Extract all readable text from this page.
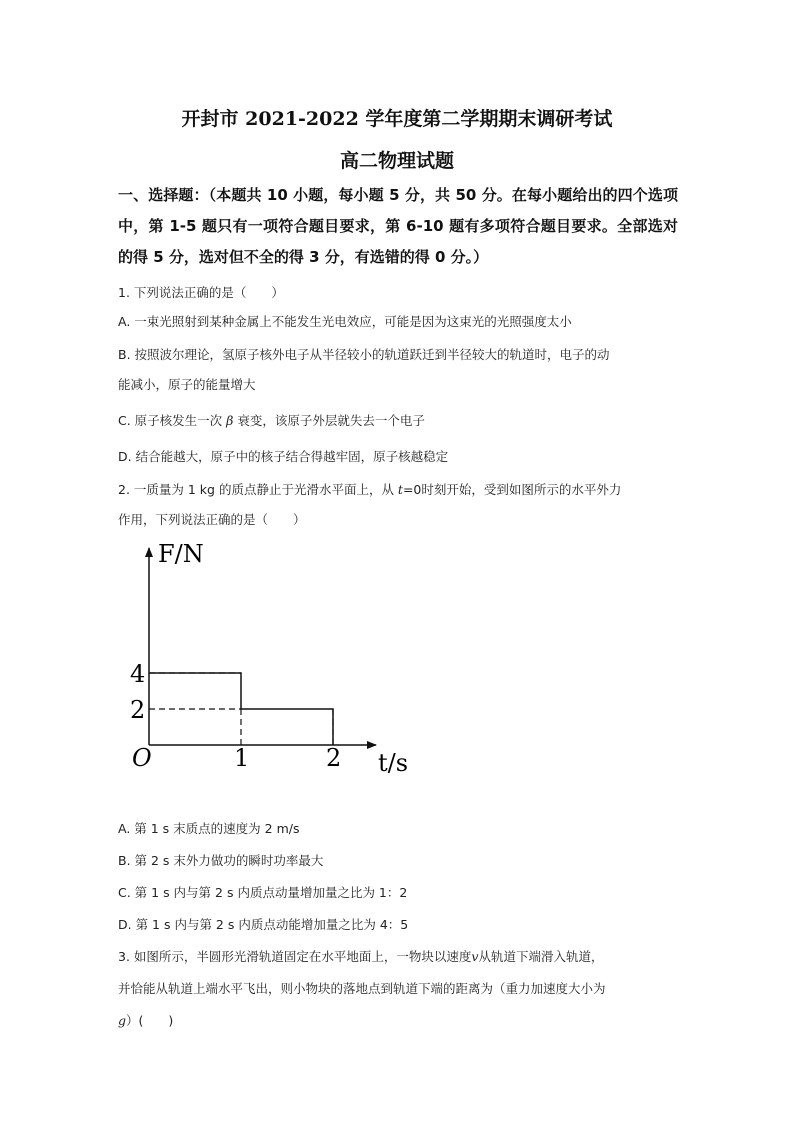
开封市 2021-2022 学年度第二学期期末调研考试
高二物理试题
一、选择题：（本题共 10 小题，每小题 5 分，共 50 分。在每小题给出的四个选项中，第 1-5 题只有一项符合题目要求，第 6-10 题有多项符合题目要求。全部选对的得 5 分，选对但不全的得 3 分，有选错的得 0 分。）
1. 下列说法正确的是（　　）
A. 一束光照射到某种金属上不能发生光电效应，可能是因为这束光的光照强度太小
B. 按照波尔理论，氢原子核外电子从半径较小的轨道跃迁到半径较大的轨道时，电子的动
能减小，原子的能量增大
C. 原子核发生一次 β 衰变，该原子外层就失去一个电子
D. 结合能越大，原子中的核子结合得越牢固，原子核越稳定
2. 一质量为 1 kg 的质点静止于光滑水平面上，从 t=0时刻开始，受到如图所示的水平外力
作用，下列说法正确的是（　　）
F/N
t/s
O
4
2
1	2
A. 第 1 s 末质点的速度为 2 m/s
B. 第 2 s 末外力做功的瞬时功率最大
C. 第 1 s 内与第 2 s 内质点动量增加量之比为 1：2
D. 第 1 s 内与第 2 s 内质点动能增加量之比为 4：5
3. 如图所示，半圆形光滑轨道固定在水平地面上，一物块以速度v从轨道下端滑入轨道，
并恰能从轨道上端水平飞出，则小物块的落地点到轨道下端的距离为（重力加速度大小为
g）(　　)
